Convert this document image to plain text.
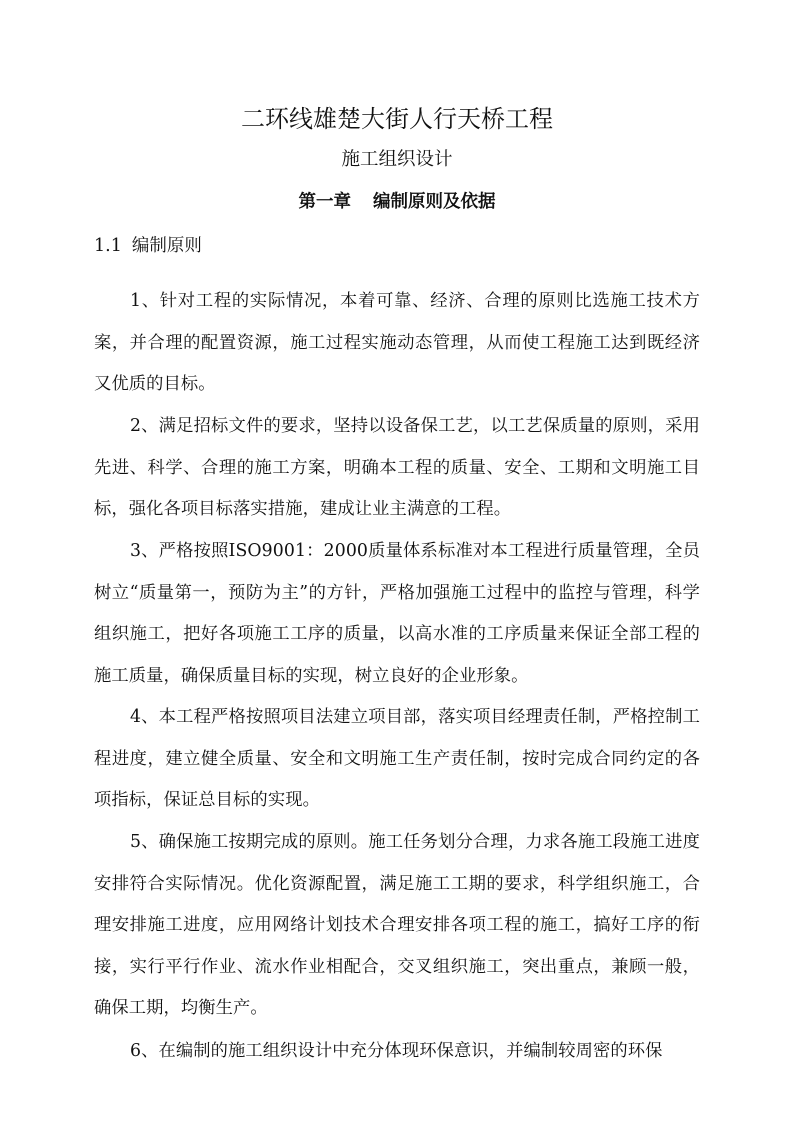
二环线雄楚大街人行天桥工程
施工组织设计
第一章 编制原则及依据
1.1 编制原则

1、针对工程的实际情况，本着可靠、经济、合理的原则比选施工技术方案，并合理的配置资源，施工过程实施动态管理，从而使工程施工达到既经济又优质的目标。

2、满足招标文件的要求，坚持以设备保工艺，以工艺保质量的原则，采用先进、科学、合理的施工方案，明确本工程的质量、安全、工期和文明施工目标，强化各项目标落实措施，建成让业主满意的工程。

3、严格按照ISO9001：2000质量体系标准对本工程进行质量管理，全员树立“质量第一，预防为主”的方针，严格加强施工过程中的监控与管理，科学组织施工，把好各项施工工序的质量，以高水准的工序质量来保证全部工程的施工质量，确保质量目标的实现，树立良好的企业形象。

4、本工程严格按照项目法建立项目部，落实项目经理责任制，严格控制工程进度，建立健全质量、安全和文明施工生产责任制，按时完成合同约定的各项指标，保证总目标的实现。

5、确保施工按期完成的原则。施工任务划分合理，力求各施工段施工进度安排符合实际情况。优化资源配置，满足施工工期的要求，科学组织施工，合理安排施工进度，应用网络计划技术合理安排各项工程的施工，搞好工序的衔接，实行平行作业、流水作业相配合，交叉组织施工，突出重点，兼顾一般，确保工期，均衡生产。

6、在编制的施工组织设计中充分体现环保意识，并编制较周密的环保
